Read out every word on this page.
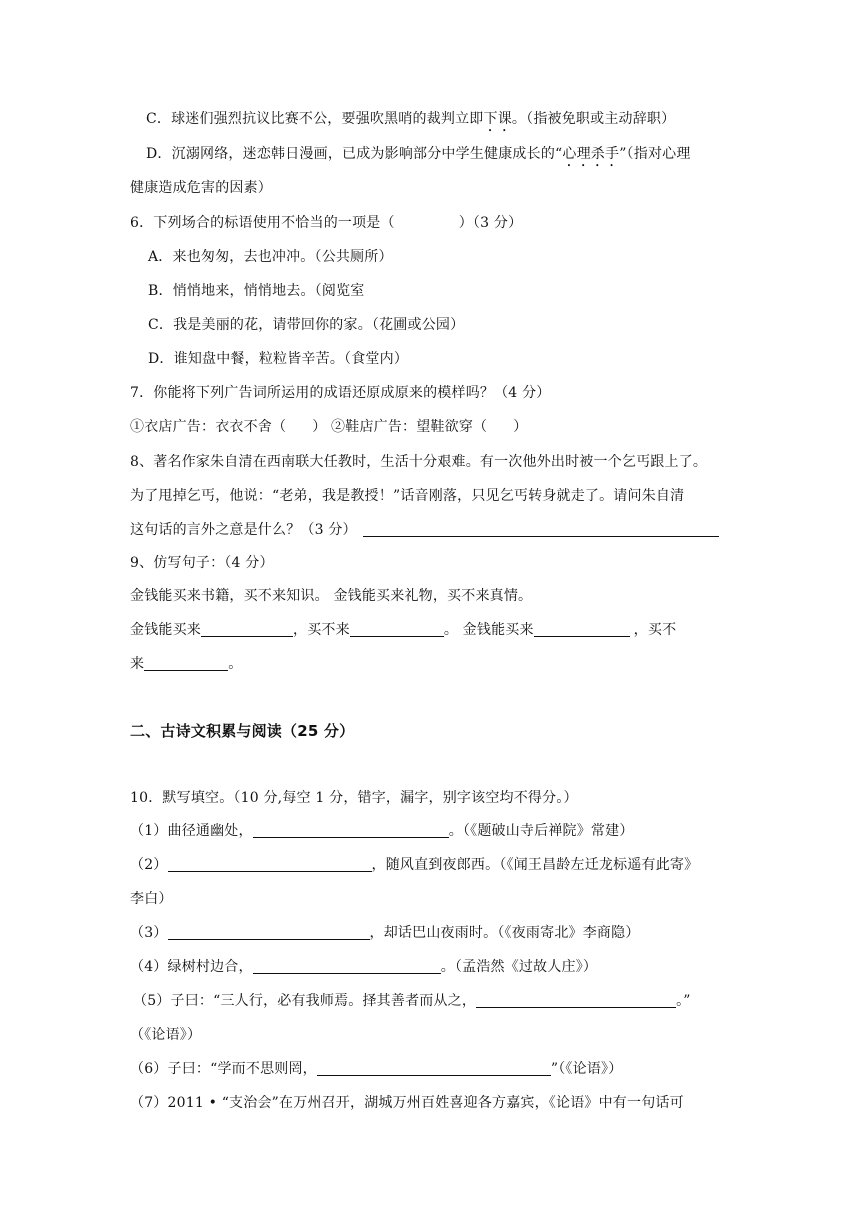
C．球迷们强烈抗议比赛不公，要强吹黑哨的裁判立即下课。（指被免职或主动辞职）
D．沉溺网络，迷恋韩日漫画，已成为影响部分中学生健康成长的“心理杀手”（指对心理
健康造成危害的因素）
6．下列场合的标语使用不恰当的一项是（	）（3 分）
A．来也匆匆，去也冲冲。（公共厕所）
B．悄悄地来，悄悄地去。（阅览室
C．我是美丽的花，请带回你的家。（花圃或公园）
D．谁知盘中餐，粒粒皆辛苦。（食堂内）
7．你能将下列广告词所运用的成语还原成原来的模样吗？（4 分）
①衣店广告：衣衣不舍（ ） ②鞋店广告：望鞋欲穿（ ）
8、著名作家朱自清在西南联大任教时，生活十分艰难。有一次他外出时被一个乞丐跟上了。
为了甩掉乞丐，他说：“老弟，我是教授！”话音刚落，只见乞丐转身就走了。请问朱自清
这句话的言外之意是什么？（3 分）
9、仿写句子：（4 分）
金钱能买来书籍，买不来知识。 金钱能买来礼物，买不来真情。
金钱能买来	，买不来	。 金钱能买来	，买不
来	。
二、古诗文积累与阅读（25 分）
10．默写填空。（10 分,每空 1 分，错字，漏字，别字该空均不得分。）
（1）曲径通幽处，	。（《题破山寺后禅院》常建）
（2）	，随风直到夜郎西。（《闻王昌龄左迁龙标遥有此寄》
李白）
（3）	，却话巴山夜雨时。（《夜雨寄北》李商隐）
（4）绿树村边合，	。（孟浩然《过故人庄》）
（5）子曰：“三人行，必有我师焉。择其善者而从之，	。”
（《论语》）
（6）子曰：“学而不思则罔，	”（《论语》）
（7）2011 • “支治会”在万州召开，湖城万州百姓喜迎各方嘉宾，《论语》中有一句话可
